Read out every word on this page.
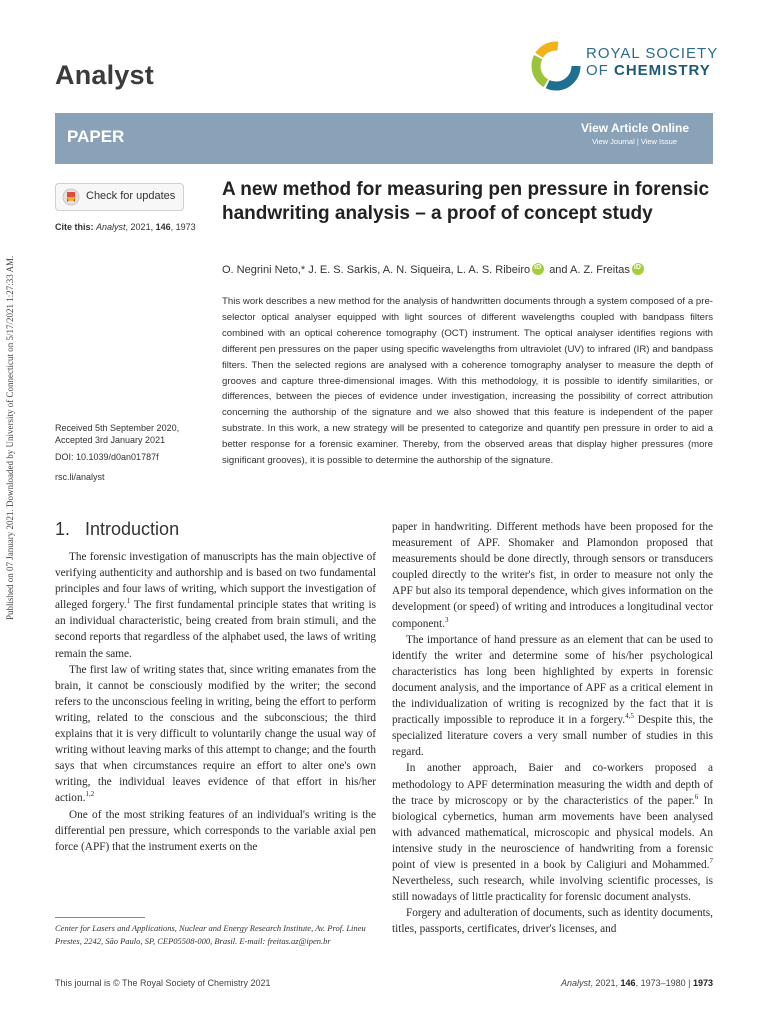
Analyst
ROYAL SOCIETY
OF CHEMISTRY
PAPER	View Article Online
View Journal | View Issue
Published on 07 January 2021. Downloaded by University of Connecticut on 5/17/2021 1:27:33 AM.
Check for updates
Cite this: Analyst, 2021, 146, 1973
Received 5th September 2020,
Accepted 3rd January 2021
DOI: 10.1039/d0an01787f
rsc.li/analyst
A new method for measuring pen pressure in forensic handwriting analysis – a proof of concept study
O. Negrini Neto,* J. E. S. Sarkis, A. N. Siqueira, L. A. S. RibeiroiD and A. Z. FreitasiD
This work describes a new method for the analysis of handwritten documents through a system composed of a pre-selector optical analyser equipped with light sources of different wavelengths coupled with bandpass filters combined with an optical coherence tomography (OCT) instrument. The optical analyser identifies regions with different pen pressures on the paper using specific wavelengths from ultraviolet (UV) to infrared (IR) and bandpass filters. Then the selected regions are analysed with a coherence tomography analyser to measure the depth of grooves and capture three-dimensional images. With this methodology, it is possible to identify similarities, or differences, between the pieces of evidence under investigation, increasing the possibility of correct attribution concerning the authorship of the signature and we also showed that this feature is independent of the paper substrate. In this work, a new strategy will be presented to categorize and quantify pen pressure in order to aid a better response for a forensic examiner. Thereby, from the observed areas that display higher pressures (more significant grooves), it is possible to determine the authorship of the signature.
1.   Introduction

The forensic investigation of manuscripts has the main objective of verifying authenticity and authorship and is based on two fundamental principles and four laws of writing, which support the investigation of alleged forgery.$^1$ The first fundamental principle states that writing is an individual characteristic, being created from brain stimuli, and the second reports that regardless of the alphabet used, the laws of writing remain the same.

The first law of writing states that, since writing emanates from the brain, it cannot be consciously modified by the writer; the second refers to the unconscious feeling in writing, being the effort to perform writing, related to the conscious and the subconscious; the third explains that it is very difficult to voluntarily change the usual way of writing without leaving marks of this attempt to change; and the fourth says that when circumstances require an effort to alter one's own writing, the individual leaves evidence of that effort in his/her action.$^{1,2}$

One of the most striking features of an individual's writing is the differential pen pressure, which corresponds to the variable axial pen force (APF) that the instrument exerts on the

paper in handwriting. Different methods have been proposed for the measurement of APF. Shomaker and Plamondon proposed that measurements should be done directly, through sensors or transducers coupled directly to the writer's fist, in order to measure not only the APF but also its temporal dependence, which gives information on the development (or speed) of writing and introduces a longitudinal vector component.$^3$

The importance of hand pressure as an element that can be used to identify the writer and determine some of his/her psychological characteristics has long been highlighted by experts in forensic document analysis, and the importance of APF as a critical element in the individualization of writing is recognized by the fact that it is practically impossible to reproduce it in a forgery.$^{4,5}$ Despite this, the specialized literature covers a very small number of studies in this regard.

In another approach, Baier and co-workers proposed a methodology to APF determination measuring the width and depth of the trace by microscopy or by the characteristics of the paper.$^6$ In biological cybernetics, human arm movements have been analysed with advanced mathematical, microscopic and physical models. An intensive study in the neuroscience of handwriting from a forensic point of view is presented in a book by Caligiuri and Mohammed.$^7$ Nevertheless, such research, while involving scientific processes, is still nowadays of little practicality for forensic document analysts.

Forgery and adulteration of documents, such as identity documents, titles, passports, certificates, driver's licenses, and

Center for Lasers and Applications, Nuclear and Energy Research Institute, Av. Prof. Lineu Prestes, 2242, São Paulo, SP, CEP05508-000, Brasil. E-mail: freitas.az@ipen.br
This journal is © The Royal Society of Chemistry 2021	Analyst, 2021, 146, 1973–1980 | 1973
